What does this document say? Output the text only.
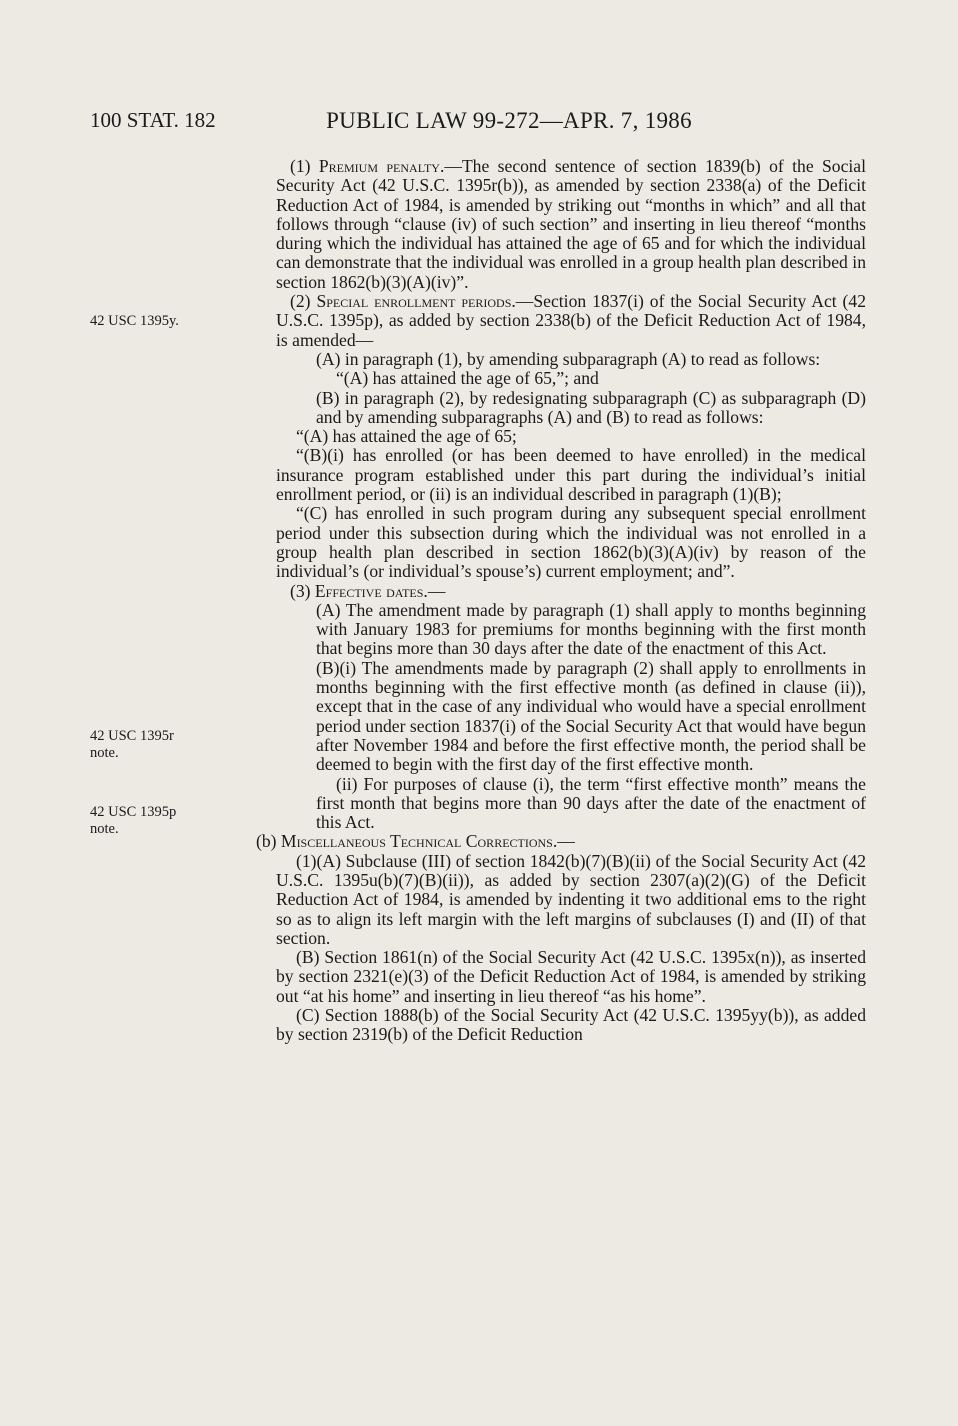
100 STAT. 182	PUBLIC LAW 99-272—APR. 7, 1986
42 USC 1395y.
42 USC 1395r
note.
42 USC 1395p
note.

(1) Premium penalty.—The second sentence of section 1839(b) of the Social Security Act (42 U.S.C. 1395r(b)), as amended by section 2338(a) of the Deficit Reduction Act of 1984, is amended by striking out “months in which” and all that follows through “clause (iv) of such section” and inserting in lieu thereof “months during which the individual has attained the age of 65 and for which the individual can demonstrate that the individual was enrolled in a group health plan described in section 1862(b)(3)(A)(iv)”.

(2) Special enrollment periods.—Section 1837(i) of the Social Security Act (42 U.S.C. 1395p), as added by section 2338(b) of the Deficit Reduction Act of 1984, is amended—

(A) in paragraph (1), by amending subparagraph (A) to read as follows:

“(A) has attained the age of 65,”; and

(B) in paragraph (2), by redesignating subparagraph (C) as subparagraph (D) and by amending subparagraphs (A) and (B) to read as follows:

“(A) has attained the age of 65;

“(B)(i) has enrolled (or has been deemed to have enrolled) in the medical insurance program established under this part during the individual’s initial enrollment period, or (ii) is an individual described in paragraph (1)(B);

“(C) has enrolled in such program during any subsequent special enrollment period under this subsection during which the individual was not enrolled in a group health plan described in section 1862(b)(3)(A)(iv) by reason of the individual’s (or individual’s spouse’s) current employment; and”.

(3) Effective dates.—

(A) The amendment made by paragraph (1) shall apply to months beginning with January 1983 for premiums for months beginning with the first month that begins more than 30 days after the date of the enactment of this Act.

(B)(i) The amendments made by paragraph (2) shall apply to enrollments in months beginning with the first effective month (as defined in clause (ii)), except that in the case of any individual who would have a special enrollment period under section 1837(i) of the Social Security Act that would have begun after November 1984 and before the first effective month, the period shall be deemed to begin with the first day of the first effective month.

(ii) For purposes of clause (i), the term “first effective month” means the first month that begins more than 90 days after the date of the enactment of this Act.

(b) Miscellaneous Technical Corrections.—

(1)(A) Subclause (III) of section 1842(b)(7)(B)(ii) of the Social Security Act (42 U.S.C. 1395u(b)(7)(B)(ii)), as added by section 2307(a)(2)(G) of the Deficit Reduction Act of 1984, is amended by indenting it two additional ems to the right so as to align its left margin with the left margins of subclauses (I) and (II) of that section.

(B) Section 1861(n) of the Social Security Act (42 U.S.C. 1395x(n)), as inserted by section 2321(e)(3) of the Deficit Reduction Act of 1984, is amended by striking out “at his home” and inserting in lieu thereof “as his home”.

(C) Section 1888(b) of the Social Security Act (42 U.S.C. 1395yy(b)), as added by section 2319(b) of the Deficit Reduction
